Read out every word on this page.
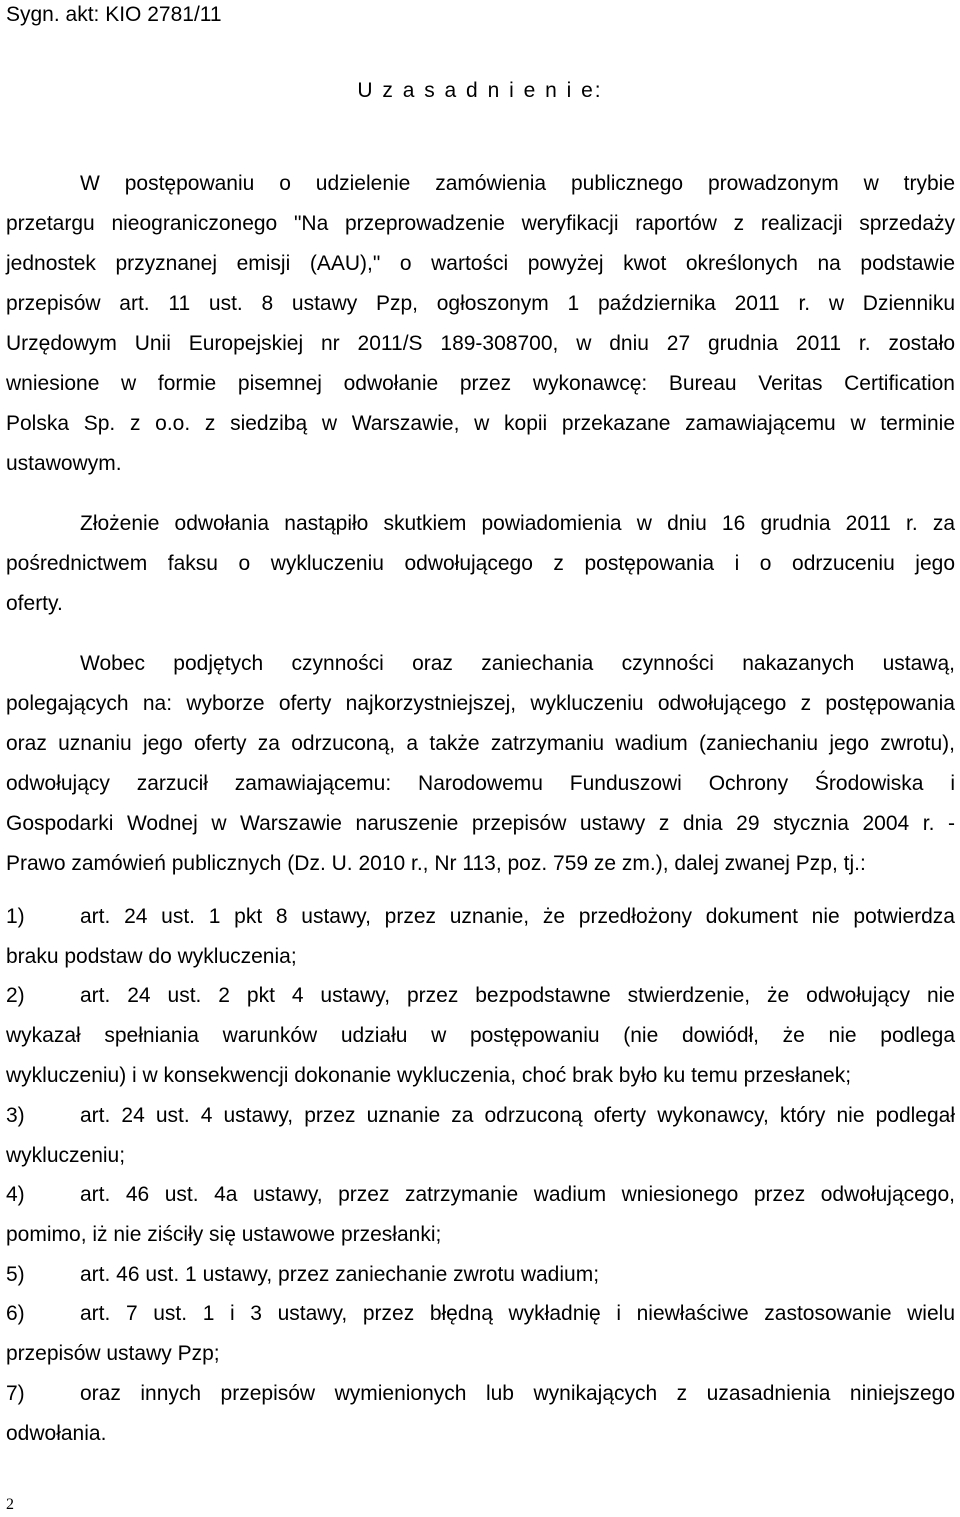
Sygn. akt: KIO 2781/11
U z a s a d n i e n i e:
W postępowaniu o udzielenie zamówienia publicznego prowadzonym w trybie
przetargu nieograniczonego "Na przeprowadzenie weryfikacji raportów z realizacji sprzedaży
jednostek przyznanej emisji (AAU)," o wartości powyżej kwot określonych na podstawie
przepisów art. 11 ust. 8 ustawy Pzp, ogłoszonym 1 października 2011 r. w Dzienniku
Urzędowym Unii Europejskiej nr 2011/S 189-308700, w dniu 27 grudnia 2011 r. zostało
wniesione w formie pisemnej odwołanie przez wykonawcę: Bureau Veritas Certification
Polska Sp. z o.o. z siedzibą w Warszawie, w kopii przekazane zamawiającemu w terminie
ustawowym.
Złożenie odwołania nastąpiło skutkiem powiadomienia w dniu 16 grudnia 2011 r. za
pośrednictwem faksu o wykluczeniu odwołującego z postępowania i o odrzuceniu jego
oferty.
Wobec podjętych czynności oraz zaniechania czynności nakazanych ustawą,
polegających na: wyborze oferty najkorzystniejszej, wykluczeniu odwołującego z postępowania
oraz uznaniu jego oferty za odrzuconą, a także zatrzymaniu wadium (zaniechaniu jego zwrotu),
odwołujący zarzucił zamawiającemu: Narodowemu Funduszowi Ochrony Środowiska i
Gospodarki Wodnej w Warszawie naruszenie przepisów ustawy z dnia 29 stycznia 2004 r. -
Prawo zamówień publicznych (Dz. U. 2010 r., Nr 113, poz. 759 ze zm.), dalej zwanej Pzp, tj.:
1)	art. 24 ust. 1 pkt 8 ustawy, przez uznanie, że przedłożony dokument nie potwierdza
braku podstaw do wykluczenia;
2)	art. 24 ust. 2 pkt 4 ustawy, przez bezpodstawne stwierdzenie, że odwołujący nie
wykazał spełniania warunków udziału w postępowaniu (nie dowiódł, że nie podlega
wykluczeniu) i w konsekwencji dokonanie wykluczenia, choć brak było ku temu przesłanek;
3)	art. 24 ust. 4 ustawy, przez uznanie za odrzuconą oferty wykonawcy, który nie podlegał
wykluczeniu;
4)	art. 46 ust. 4a ustawy, przez zatrzymanie wadium wniesionego przez odwołującego,
pomimo, iż nie ziściły się ustawowe przesłanki;
5)	art. 46 ust. 1 ustawy, przez zaniechanie zwrotu wadium;
6)	art. 7 ust. 1 i 3 ustawy, przez błędną wykładnię i niewłaściwe zastosowanie wielu
przepisów ustawy Pzp;
7)	oraz innych przepisów wymienionych lub wynikających z uzasadnienia niniejszego
odwołania.
2
